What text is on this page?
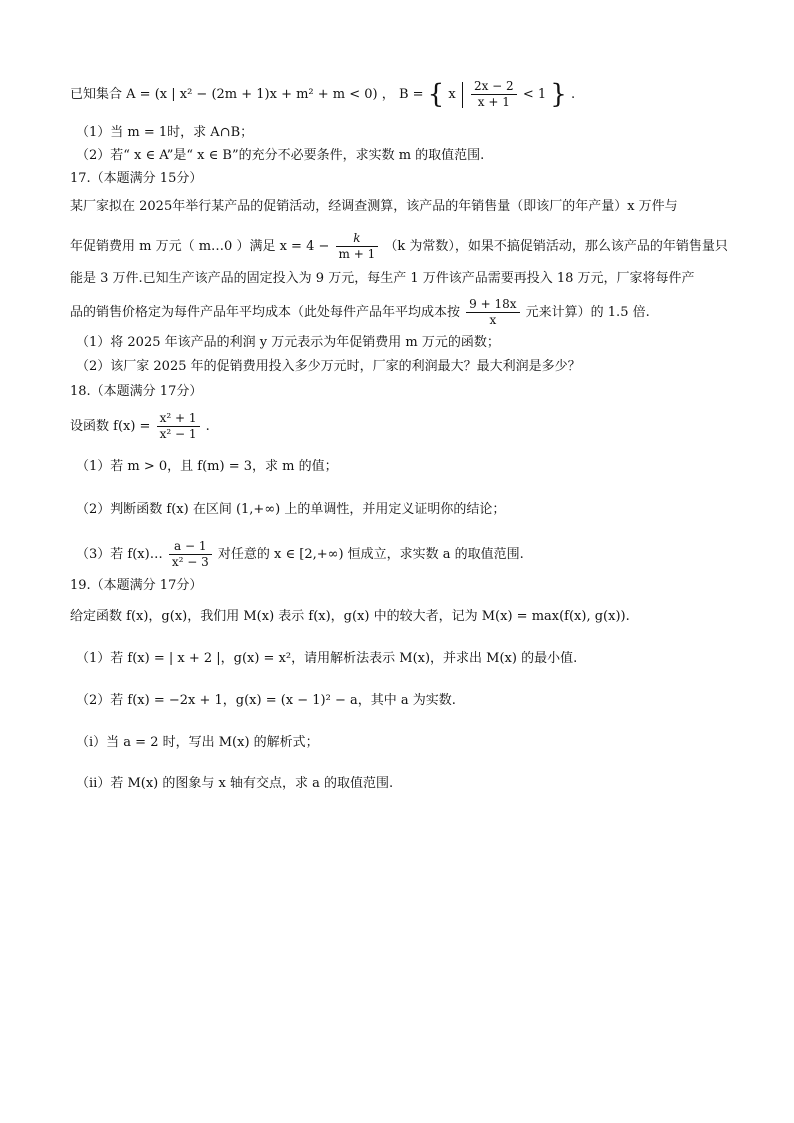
已知集合 A = (x | x² − (2m + 1)x + m² + m < 0) ， B = { x $\frac{2x - 2}{x + 1} < 1$ } .
（1）当 m = 1时，求 A∩B；
（2）若“ x ∈ A”是“ x ∈ B”的充分不必要条件，求实数 m 的取值范围.
17.（本题满分 15分）
某厂家拟在 2025年举行某产品的促销活动，经调查测算，该产品的年销售量（即该厂的年产量）x 万件与
年促销费用 m 万元（ m…0 ）满足 $x = 4 - \frac{k}{m + 1} (k$ 为常数），如果不搞促销活动，那么该产品的年销售量只
能是 3 万件.已知生产该产品的固定投入为 9 万元，每生产 1 万件该产品需要再投入 18 万元，厂家将每件产
品的销售价格定为每件产品年平均成本（此处每件产品年平均成本按 $\frac{9 + 18x}{x}$ 元来计算）的 1.5 倍.
（1）将 2025 年该产品的利润 y 万元表示为年促销费用 m 万元的函数；
（2）该厂家 2025 年的促销费用投入多少万元时，厂家的利润最大？最大利润是多少？
18.（本题满分 17分）
设函数 $f(x) = \frac{\text{x² + 1}}{\text{x² − 1}}$ .
（1）若 m > 0，且 f(m) = 3，求 m 的值；
（2）判断函数 f(x) 在区间 (1,+∞) 上的单调性，并用定义证明你的结论；
（3）若 f(x)… $\frac{a - 1}{\text{x² − 3}}$ 对任意的 x ∈ [2,+∞) 恒成立，求实数 a 的取值范围.
19.（本题满分 17分）
给定函数 f(x)，g(x)，我们用 M(x) 表示 f(x)，g(x) 中的较大者，记为 M(x) = max(f(x), g(x)).
（1）若 f(x) = | x + 2 |，g(x) = x²，请用解析法表示 M(x)，并求出 M(x) 的最小值.
（2）若 f(x) = −2x + 1，g(x) = (x − 1)² − a，其中 a 为实数.
（ⅰ）当 a = 2 时，写出 M(x) 的解析式；
（ⅱ）若 M(x) 的图象与 x 轴有交点，求 a 的取值范围.
